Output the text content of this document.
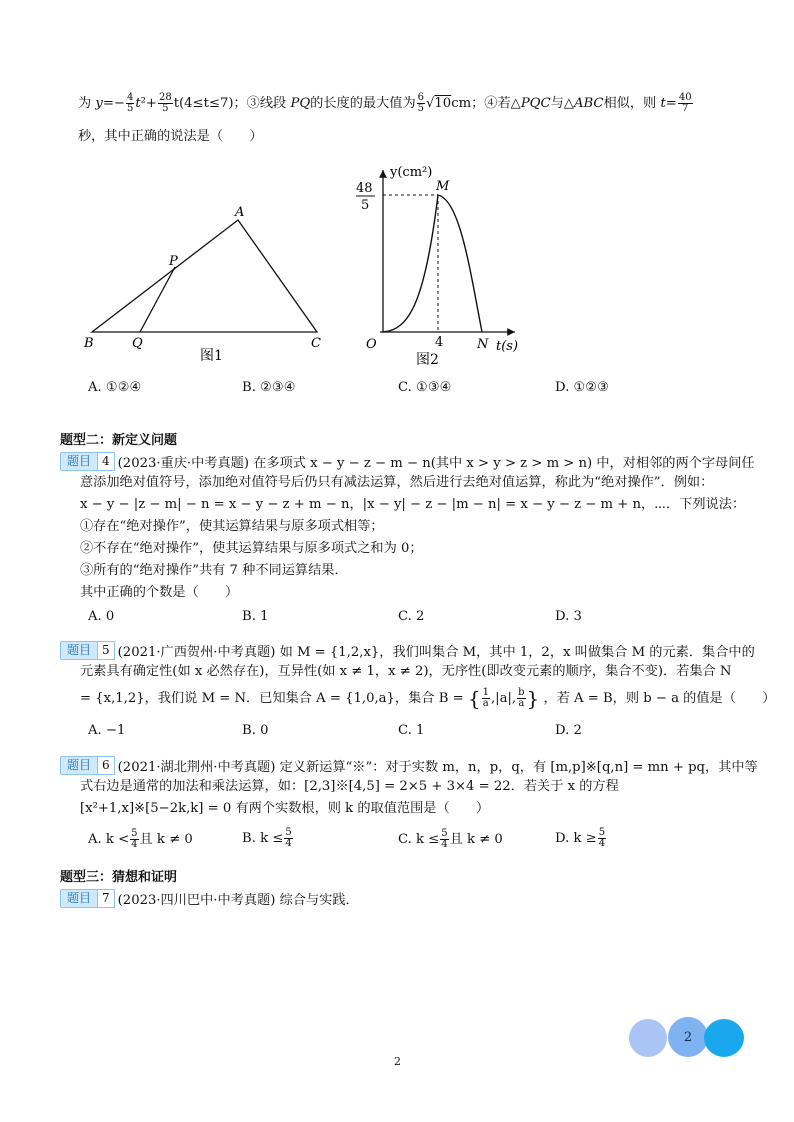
为 $y=- \frac{4}{5} t^2+ \frac{28}{5} t(4\le t\le 7)$；③线段 PQ的长度的最大值为 $\frac{6}{5} √10cm$；④若△PQC与△ABC相似，则 $t= \frac{40}{7}$
秒，其中正确的说法是（　　）
A
P
B	Q	C
图1
y(cm²)
48
5
M
O	4	N t(s)
图2
A. ①②④	B. ②③④	C. ①③④	D. ①②③
题型二：新定义问题
题目 4 (2023·重庆·中考真题) 在多项式 x − y − z − m − n(其中 x > y > z > m > n) 中，对相邻的两个字母间任
意添加绝对值符号，添加绝对值符号后仍只有减法运算，然后进行去绝对值运算，称此为“绝对操作”．例如：
x − y − |z − m| − n = x − y − z + m − n，|x − y| − z − |m − n| = x − y − z − m + n，⋯．下列说法：
①存在“绝对操作”，使其运算结果与原多项式相等；
②不存在“绝对操作”，使其运算结果与原多项式之和为 0；
③所有的“绝对操作”共有 7 种不同运算结果．
其中正确的个数是（　　）
A. 0	B. 1	C. 2	D. 3
题目 5 (2021·广西贺州·中考真题) 如 M = {1,2,x}，我们叫集合 M，其中 1，2，x 叫做集合 M 的元素．集合中的
元素具有确定性(如 x 必然存在)，互异性(如 x ≠ 1，x ≠ 2)，无序性(即改变元素的顺序，集合不变)．若集合 N
= {x,1,2}，我们说 M = N．已知集合 A = {1,0,a}，集合 B = { $\frac{1}{a} ,|a|$, $\frac{b}{a}$ } ，若 A = B，则 b − a 的值是（　　）
A. −1	B. 0	C. 1	D. 2
题目 6 (2021·湖北荆州·中考真题) 定义新运算“※”：对于实数 m，n，p，q，有 [m,p]※[q,n] = mn + pq，其中等
式右边是通常的加法和乘法运算，如：[2,3]※[4,5] = 2×5 + 3×4 = 22．若关于 x 的方程
[x²+1,x]※[5−2k,k] = 0 有两个实数根，则 k 的取值范围是（　　）
A. $k < \frac{5}{4}$ 且 k ≠ 0	B. $k \le \frac{5}{4}$	C. $k \le \frac{5}{4}$ 且 k ≠ 0	D. $k \ge \frac{5}{4}$
题型三：猜想和证明
题目 7 (2023·四川巴中·中考真题) 综合与实践．
2
2
